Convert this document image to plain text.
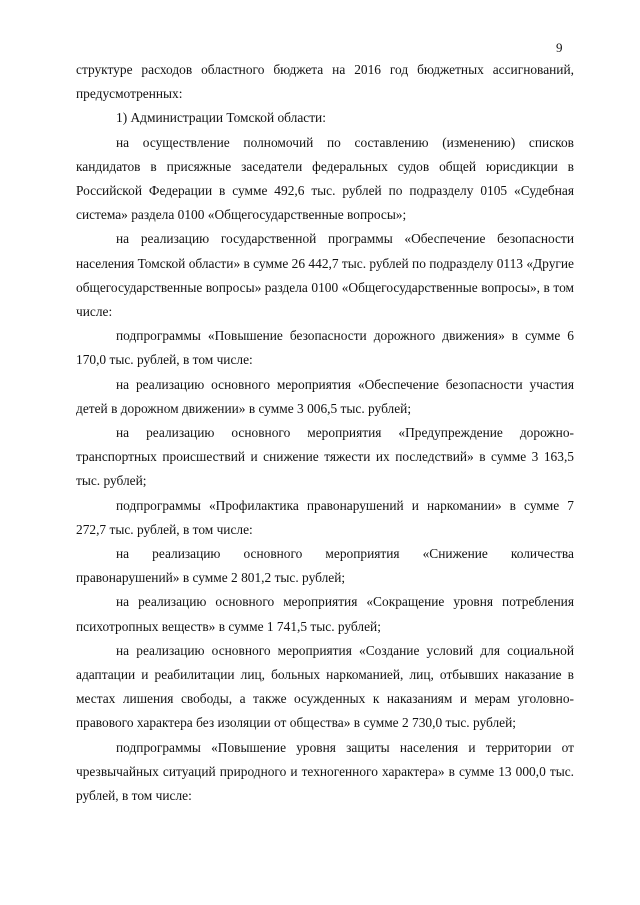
9

структуре расходов областного бюджета на 2016 год бюджетных ассигнований, предусмотренных:

1) Администрации Томской области:

на осуществление полномочий по составлению (изменению) списков кандидатов в присяжные заседатели федеральных судов общей юрисдикции в Российской Федерации в сумме 492,6 тыс. рублей по подразделу 0105 «Судебная система» раздела 0100 «Общегосударственные вопросы»;

на реализацию государственной программы «Обеспечение безопасности населения Томской области» в сумме 26 442,7 тыс. рублей по подразделу 0113 «Другие общегосударственные вопросы» раздела 0100 «Общегосударственные вопросы», в том числе:

подпрограммы «Повышение безопасности дорожного движения» в сумме 6 170,0 тыс. рублей, в том числе:

на реализацию основного мероприятия «Обеспечение безопасности участия детей в дорожном движении» в сумме 3 006,5 тыс. рублей;

на реализацию основного мероприятия «Предупреждение дорожно-транспортных происшествий и снижение тяжести их последствий» в сумме 3 163,5 тыс. рублей;

подпрограммы «Профилактика правонарушений и наркомании» в сумме 7 272,7 тыс. рублей, в том числе:

на реализацию основного мероприятия «Снижение количества правонарушений» в сумме 2 801,2 тыс. рублей;

на реализацию основного мероприятия «Сокращение уровня потребления психотропных веществ» в сумме 1 741,5 тыс. рублей;

на реализацию основного мероприятия «Создание условий для социальной адаптации и реабилитации лиц, больных наркоманией, лиц, отбывших наказание в местах лишения свободы, а также осужденных к наказаниям и мерам уголовно-правового характера без изоляции от общества» в сумме 2 730,0 тыс. рублей;

подпрограммы «Повышение уровня защиты населения и территории от чрезвычайных ситуаций природного и техногенного характера» в сумме 13 000,0 тыс. рублей, в том числе:
